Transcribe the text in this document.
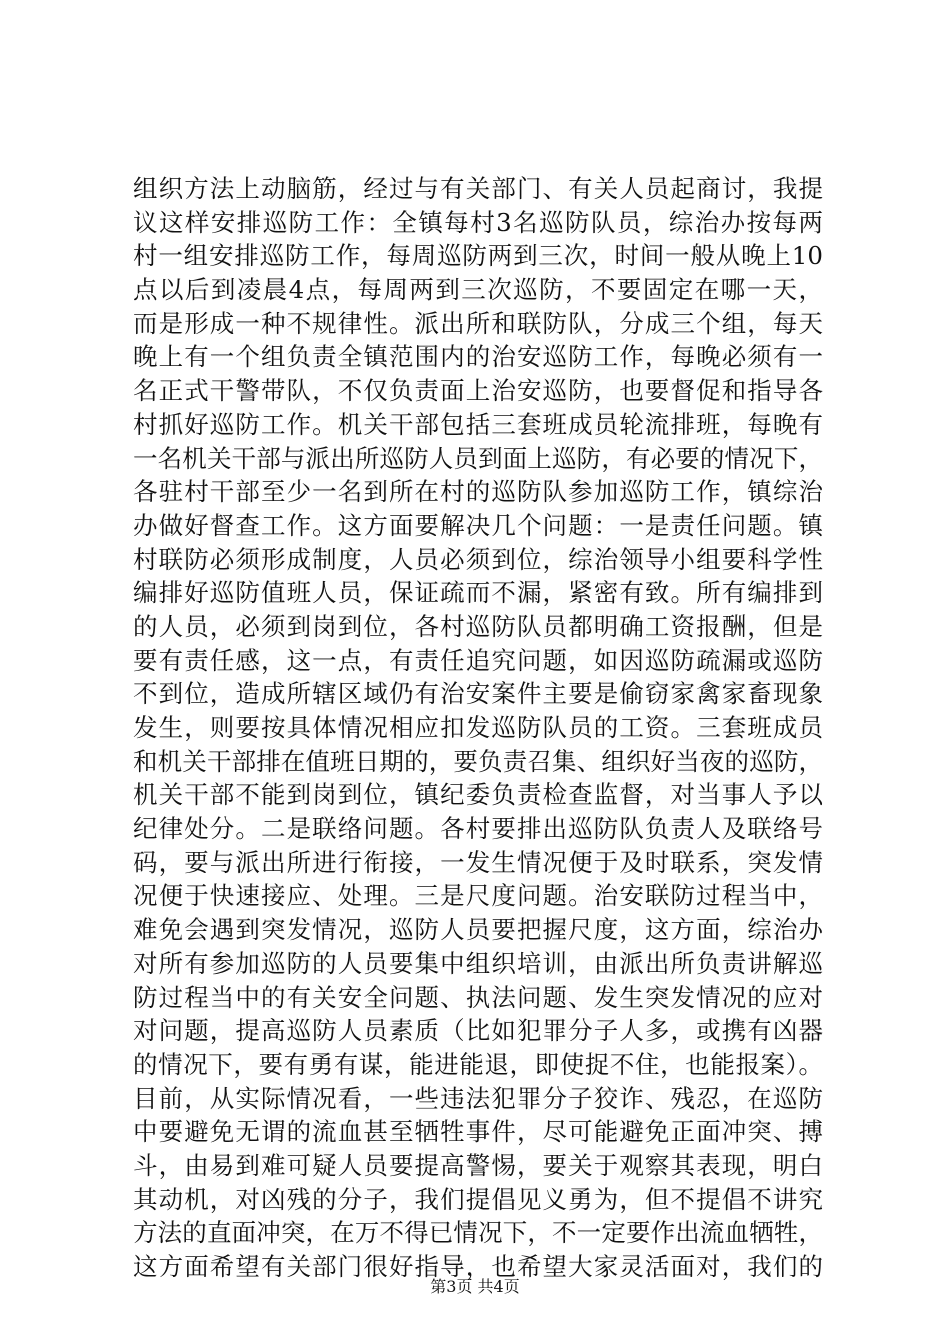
组织方法上动脑筋，经过与有关部门、有关人员起商讨，我提
议这样安排巡防工作：全镇每村3名巡防队员，综治办按每两
村一组安排巡防工作，每周巡防两到三次，时间一般从晚上10
点以后到凌晨4点，每周两到三次巡防，不要固定在哪一天，
而是形成一种不规律性。派出所和联防队，分成三个组，每天
晚上有一个组负责全镇范围内的治安巡防工作，每晚必须有一
名正式干警带队，不仅负责面上治安巡防，也要督促和指导各
村抓好巡防工作。机关干部包括三套班成员轮流排班，每晚有
一名机关干部与派出所巡防人员到面上巡防，有必要的情况下，
各驻村干部至少一名到所在村的巡防队参加巡防工作，镇综治
办做好督查工作。这方面要解决几个问题：一是责任问题。镇
村联防必须形成制度，人员必须到位，综治领导小组要科学性
编排好巡防值班人员，保证疏而不漏，紧密有致。所有编排到
的人员，必须到岗到位，各村巡防队员都明确工资报酬，但是
要有责任感，这一点，有责任追究问题，如因巡防疏漏或巡防
不到位，造成所辖区域仍有治安案件主要是偷窃家禽家畜现象
发生，则要按具体情况相应扣发巡防队员的工资。三套班成员
和机关干部排在值班日期的，要负责召集、组织好当夜的巡防，
机关干部不能到岗到位，镇纪委负责检查监督，对当事人予以
纪律处分。二是联络问题。各村要排出巡防队负责人及联络号
码，要与派出所进行衔接，一发生情况便于及时联系，突发情
况便于快速接应、处理。三是尺度问题。治安联防过程当中，
难免会遇到突发情况，巡防人员要把握尺度，这方面，综治办
对所有参加巡防的人员要集中组织培训，由派出所负责讲解巡
防过程当中的有关安全问题、执法问题、发生突发情况的应对
对问题，提高巡防人员素质（比如犯罪分子人多，或携有凶器
的情况下，要有勇有谋，能进能退，即使捉不住，也能报案）。
目前，从实际情况看，一些违法犯罪分子狡诈、残忍，在巡防
中要避免无谓的流血甚至牺牲事件，尽可能避免正面冲突、搏
斗，由易到难可疑人员要提高警惕，要关于观察其表现，明白
其动机，对凶残的分子，我们提倡见义勇为，但不提倡不讲究
方法的直面冲突，在万不得已情况下，不一定要作出流血牺牲，
这方面希望有关部门很好指导，也希望大家灵活面对，我们的
第3页 共4页
